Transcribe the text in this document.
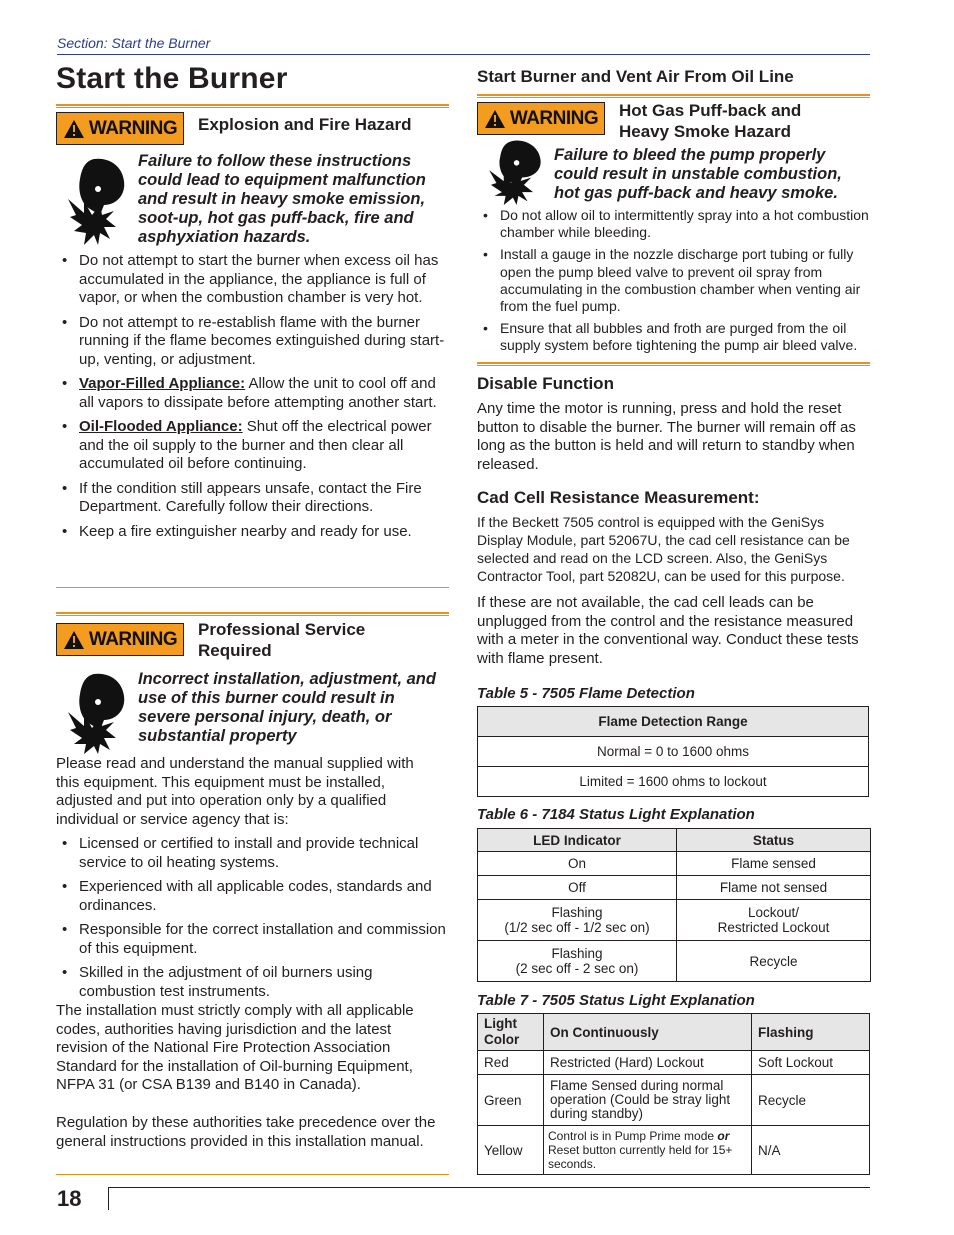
Section: Start the Burner
Start the Burner
WARNING Explosion and Fire Hazard
Failure to follow these instructions could lead to equipment malfunction and result in heavy smoke emission, soot-up, hot gas puff-back, fire and asphyxiation hazards.
• Do not attempt to start the burner when excess oil has accumulated in the appliance, the appliance is full of vapor, or when the combustion chamber is very hot.
• Do not attempt to re-establish flame with the burner running if the flame becomes extinguished during start-up, venting, or adjustment.
• Vapor-Filled Appliance: Allow the unit to cool off and all vapors to dissipate before attempting another start.
• Oil-Flooded Appliance: Shut off the electrical power and the oil supply to the burner and then clear all accumulated oil before continuing.
• If the condition still appears unsafe, contact the Fire Department. Carefully follow their directions.
• Keep a fire extinguisher nearby and ready for use.
WARNING Professional Service Required
Incorrect installation, adjustment, and use of this burner could result in severe personal injury, death, or substantial property
Please read and understand the manual supplied with this equipment. This equipment must be installed, adjusted and put into operation only by a qualified individual or service agency that is:
• Licensed or certified to install and provide technical service to oil heating systems.
• Experienced with all applicable codes, standards and ordinances.
• Responsible for the correct installation and commission of this equipment.
• Skilled in the adjustment of oil burners using combustion test instruments.
The installation must strictly comply with all applicable codes, authorities having jurisdiction and the latest revision of the National Fire Protection Association Standard for the installation of Oil-burning Equipment, NFPA 31 (or CSA B139 and B140 in Canada).
Regulation by these authorities take precedence over the general instructions provided in this installation manual.
Start Burner and Vent Air From Oil Line
WARNING Hot Gas Puff-back and Heavy Smoke Hazard
Failure to bleed the pump properly could result in unstable combustion, hot gas puff-back and heavy smoke.
• Do not allow oil to intermittently spray into a hot combustion chamber while bleeding.
• Install a gauge in the nozzle discharge port tubing or fully open the pump bleed valve to prevent oil spray from accumulating in the combustion chamber when venting air from the fuel pump.
• Ensure that all bubbles and froth are purged from the oil supply system before tightening the pump air bleed valve.
Disable Function
Any time the motor is running, press and hold the reset button to disable the burner. The burner will remain off as long as the button is held and will return to standby when released.
Cad Cell Resistance Measurement:
If the Beckett 7505 control is equipped with the GeniSys Display Module, part 52067U, the cad cell resistance can be selected and read on the LCD screen. Also, the GeniSys Contractor Tool, part 52082U, can be used for this purpose.
If these are not available, the cad cell leads can be unplugged from the control and the resistance measured with a meter in the conventional way. Conduct these tests with flame present.
Table 5 - 7505 Flame Detection
Flame Detection Range
Normal = 0 to 1600 ohms
Limited = 1600 ohms to lockout
Table 6 - 7184 Status Light Explanation
LED Indicator	Status
On	Flame sensed
Off	Flame not sensed
Flashing
(1/2 sec off - 1/2 sec on)	Lockout/
Restricted Lockout
Flashing
(2 sec off - 2 sec on)	Recycle
Table 7 - 7505 Status Light Explanation
Light Color	On Continuously	Flashing
Red	Restricted (Hard) Lockout	Soft Lockout
Green	Flame Sensed during normal operation (Could be stray light during standby)	Recycle
Yellow	Control is in Pump Prime mode or Reset button currently held for 15+ seconds.	N/A
18
